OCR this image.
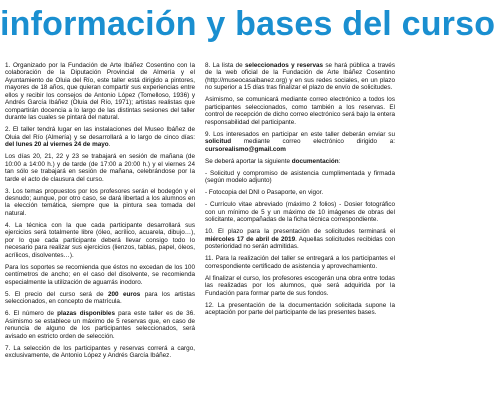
información y bases del curso

1. Organizado por la Fundación de Arte Ibáñez Cosentino con la colaboración de la Diputación Provincial de Almería y el Ayuntamiento de Oluia del Río, este taller está dirigido a pintores, mayores de 18 años, que quieran compartir sus experiencias entre ellos y recibir los consejos de Antonio López (Tomelloso, 1936) y Andrés García Ibáñez (Oluia del Río, 1971); artistas realistas que compartirán docencia a lo largo de las distintas sesiones del taller durante las cuales se pintará del natural.

2. El taller tendrá lugar en las instalaciones del Museo Ibáñez de Oluia del Río (Almería) y se desarrollará a lo largo de cinco días: del lunes 20 al viernes 24 de mayo.

Los días 20, 21, 22 y 23 se trabajará en sesión de mañana (de 10:00 a 14:00 h.) y de tarde (de 17:00 a 20:00 h.) y el viernes 24 tan sólo se trabajará en sesión de mañana, celebrándose por la tarde el acto de clausura del curso.

3. Los temas propuestos por los profesores serán el bodegón y el desnudo; aunque, por otro caso, se dará libertad a los alumnos en la elección temática, siempre que la pintura sea tomada del natural.

4. La técnica con la que cada participante desarrollará sus ejercicios será totalmente libre (óleo, acrílico, acuarela, dibujo…), por lo que cada participante deberá llevar consigo todo lo necesario para realizar sus ejercicios (lienzos, tablas, papel, óleos, acrílicos, disolventes…).

Para los soportes se recomienda que éstos no excedan de los 100 centímetros de ancho; en el caso del disolvente, se recomienda especialmente la utilización de aguarrás inodoro.

5. El precio del curso será de 200 euros para los artistas seleccionados, en concepto de matrícula.

6. El número de plazas disponibles para este taller es de 36. Asimismo se establece un máximo de 5 reservas que, en caso de renuncia de alguno de los participantes seleccionados, será avisado en estricto orden de selección.

7. La selección de los participantes y reservas correrá a cargo, exclusivamente, de Antonio López y Andrés García Ibáñez.

8. La lista de seleccionados y reservas se hará pública a través de la web oficial de la Fundación de Arte Ibáñez Cosentino (http://museocasaibanez.org) y en sus redes sociales, en un plazo no superior a 15 días tras finalizar el plazo de envío de solicitudes.

Asimismo, se comunicará mediante correo electrónico a todos los participantes seleccionados, como también a los reservas. El control de recepción de dicho correo electrónico será bajo la entera responsabilidad del participante.

9. Los interesados en participar en este taller deberán enviar su solicitud mediante correo electrónico dirigido a: cursorealismo@gmail.com

Se deberá aportar la siguiente documentación:

- Solicitud y compromiso de asistencia cumplimentada y firmada (según modelo adjunto)

- Fotocopia del DNI o Pasaporte, en vigor.

- Currículo vitae abreviado (máximo 2 folios) - Dosier fotográfico con un mínimo de 5 y un máximo de 10 imágenes de obras del solicitante, acompañadas de la ficha técnica correspondiente.

10. El plazo para la presentación de solicitudes terminará el miércoles 17 de abril de 2019. Aquellas solicitudes recibidas con posterioridad no serán admitidas.

11. Para la realización del taller se entregará a los participantes el correspondiente certificado de asistencia y aprovechamiento.

Al finalizar el curso, los profesores escogerán una obra entre todas las realizadas por los alumnos, que será adquirida por la Fundación para formar parte de sus fondos.

12. La presentación de la documentación solicitada supone la aceptación por parte del participante de las presentes bases.
